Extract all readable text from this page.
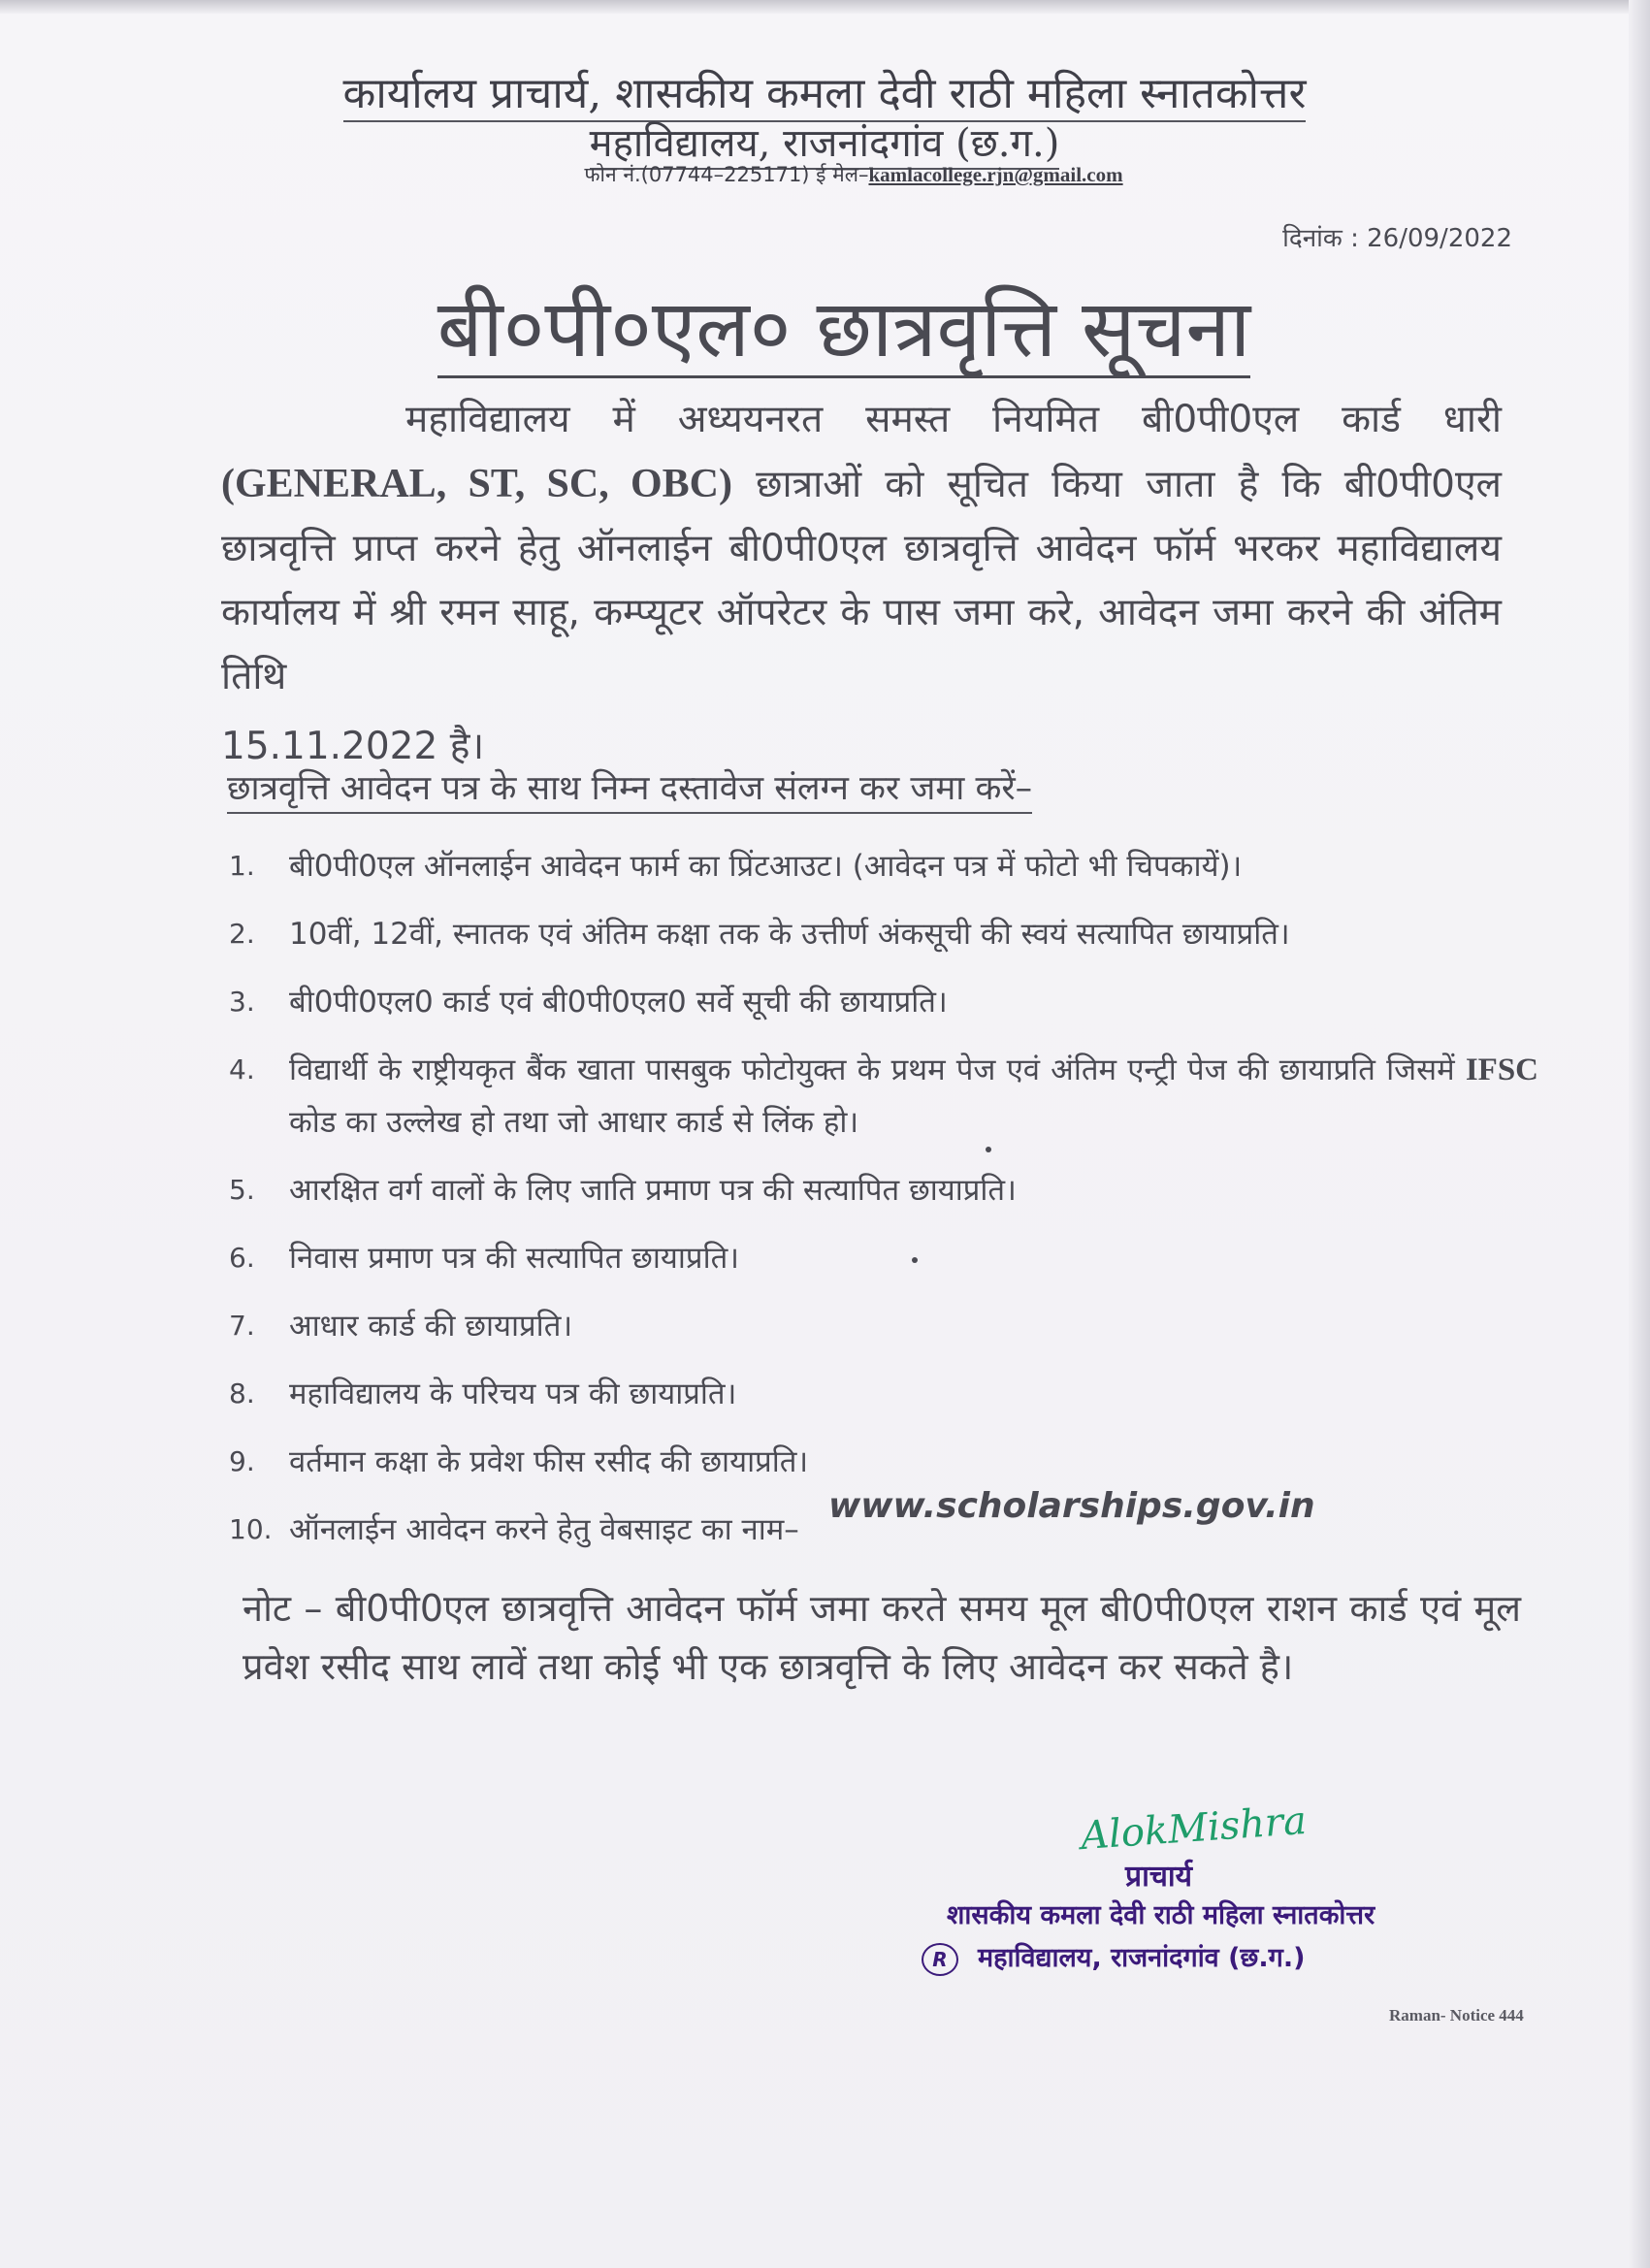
कार्यालय प्राचार्य, शासकीय कमला देवी राठी महिला स्नातकोत्तर
महाविद्यालय, राजनांदगांव (छ.ग.)
फोन नं.(07744–225171) ई मेल–kamlacollege.rjn@gmail.com
दिनांक : 26/09/2022
बी०पी०एल० छात्रवृत्ति सूचना
महाविद्यालय में अध्ययनरत समस्त नियमित बी0पी0एल कार्ड धारी (GENERAL, ST, SC, OBC) छात्राओं को सूचित किया जाता है कि बी0पी0एल छात्रवृत्ति प्राप्त करने हेतु ऑनलाईन बी0पी0एल छात्रवृत्ति आवेदन फॉर्म भरकर महाविद्यालय कार्यालय में श्री रमन साहू, कम्प्यूटर ऑपरेटर के पास जमा करे, आवेदन जमा करने की अंतिम तिथि
15.11.2022 है।
छात्रवृत्ति आवेदन पत्र के साथ निम्न दस्तावेज संलग्न कर जमा करें–
1. बी0पी0एल ऑनलाईन आवेदन फार्म का प्रिंटआउट। (आवेदन पत्र में फोटो भी चिपकायें)।
2. 10वीं, 12वीं, स्नातक एवं अंतिम कक्षा तक के उत्तीर्ण अंकसूची की स्वयं सत्यापित छायाप्रति।
3. बी0पी0एल0 कार्ड एवं बी0पी0एल0 सर्वे सूची की छायाप्रति।
4. विद्यार्थी के राष्ट्रीयकृत बैंक खाता पासबुक फोटोयुक्त के प्रथम पेज एवं अंतिम एन्ट्री पेज की छायाप्रति जिसमें IFSC कोड का उल्लेख हो तथा जो आधार कार्ड से लिंक हो।
5. आरक्षित वर्ग वालों के लिए जाति प्रमाण पत्र की सत्यापित छायाप्रति।
6. निवास प्रमाण पत्र की सत्यापित छायाप्रति।
7. आधार कार्ड की छायाप्रति।
8. महाविद्यालय के परिचय पत्र की छायाप्रति।
9. वर्तमान कक्षा के प्रवेश फीस रसीद की छायाप्रति।
10. ऑनलाईन आवेदन करने हेतु वेबसाइट का नाम–
www.scholarships.gov.in
नोट – बी0पी0एल छात्रवृत्ति आवेदन फॉर्म जमा करते समय मूल बी0पी0एल राशन कार्ड एवं मूल प्रवेश रसीद साथ लावें तथा कोई भी एक छात्रवृत्ति के लिए आवेदन कर सकते है।
AlokMishra
प्राचार्य
शासकीय कमला देवी राठी महिला स्नातकोत्तर
R महाविद्यालय, राजनांदगांव (छ.ग.)
Raman- Notice 444
